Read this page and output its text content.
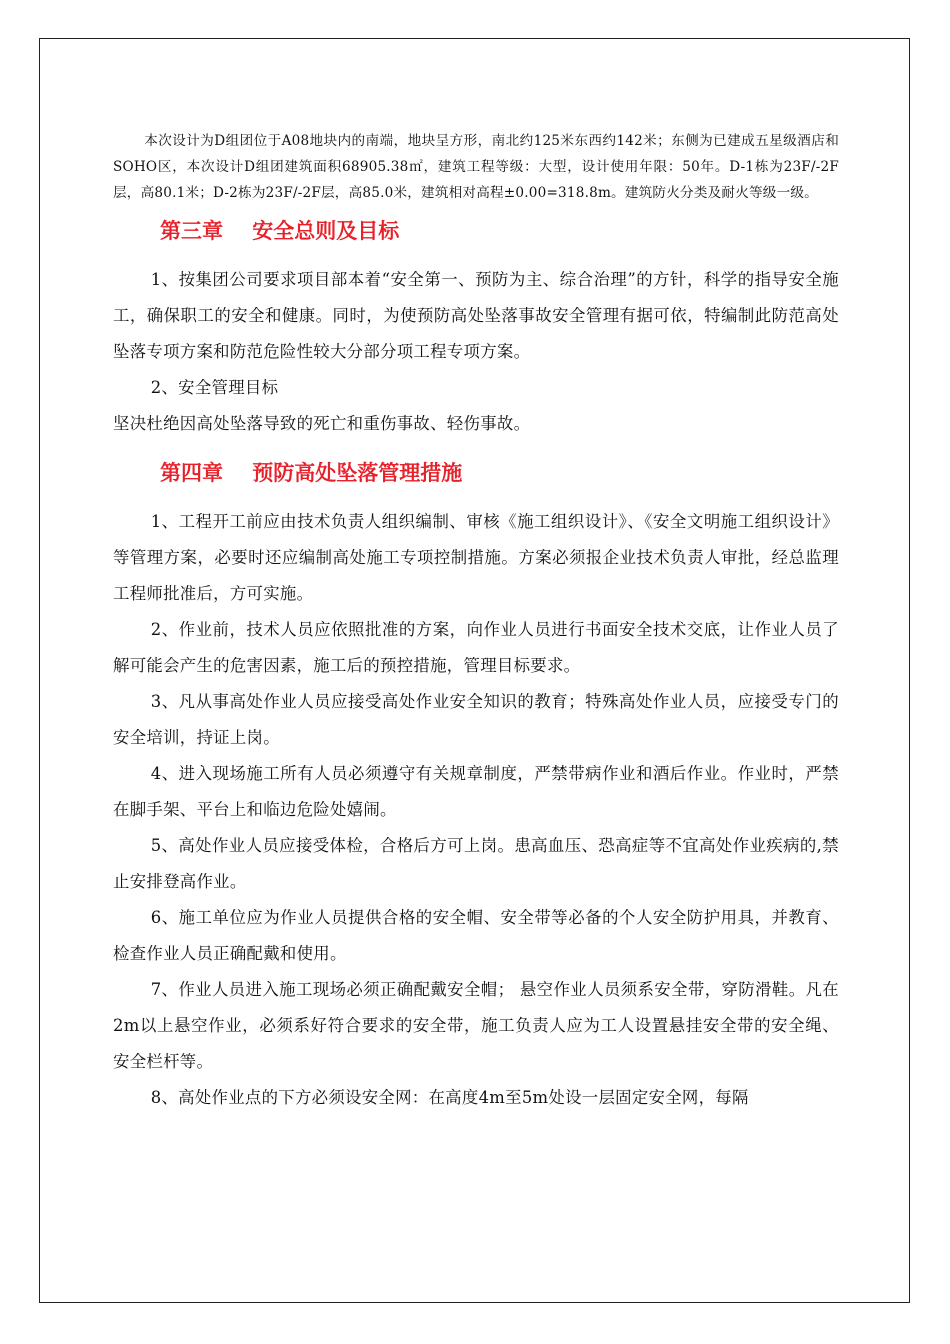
本次设计为D组团位于A08地块内的南端，地块呈方形，南北约125米东西约142米；东侧为已建成五星级酒店和SOHO区，本次设计D组团建筑面积68905.38㎡，建筑工程等级：大型，设计使用年限：50年。D-1栋为23F/-2F层，高80.1米；D-2栋为23F/-2F层，高85.0米，建筑相对高程±0.00=318.8m。建筑防火分类及耐火等级一级。

第三章    安全总则及目标

1、按集团公司要求项目部本着“安全第一、预防为主、综合治理”的方针，科学的指导安全施工，确保职工的安全和健康。同时，为使预防高处坠落事故安全管理有据可依，特编制此防范高处坠落专项方案和防范危险性较大分部分项工程专项方案。

2、安全管理目标

坚决杜绝因高处坠落导致的死亡和重伤事故、轻伤事故。

第四章    预防高处坠落管理措施

1、工程开工前应由技术负责人组织编制、审核《施工组织设计》、《安全文明施工组织设计》等管理方案，必要时还应编制高处施工专项控制措施。方案必须报企业技术负责人审批，经总监理工程师批准后，方可实施。

2、作业前，技术人员应依照批准的方案，向作业人员进行书面安全技术交底，让作业人员了解可能会产生的危害因素，施工后的预控措施，管理目标要求。

3、凡从事高处作业人员应接受高处作业安全知识的教育；特殊高处作业人员，应接受专门的安全培训，持证上岗。

4、进入现场施工所有人员必须遵守有关规章制度，严禁带病作业和酒后作业。作业时，严禁在脚手架、平台上和临边危险处嬉闹。

5、高处作业人员应接受体检，合格后方可上岗。患高血压、恐高症等不宜高处作业疾病的,禁止安排登高作业。

6、施工单位应为作业人员提供合格的安全帽、安全带等必备的个人安全防护用具，并教育、检查作业人员正确配戴和使用。

7、作业人员进入施工现场必须正确配戴安全帽； 悬空作业人员须系安全带，穿防滑鞋。凡在2m以上悬空作业，必须系好符合要求的安全带，施工负责人应为工人设置悬挂安全带的安全绳、安全栏杆等。

8、高处作业点的下方必须设安全网：在高度4m至5m处设一层固定安全网，每隔
